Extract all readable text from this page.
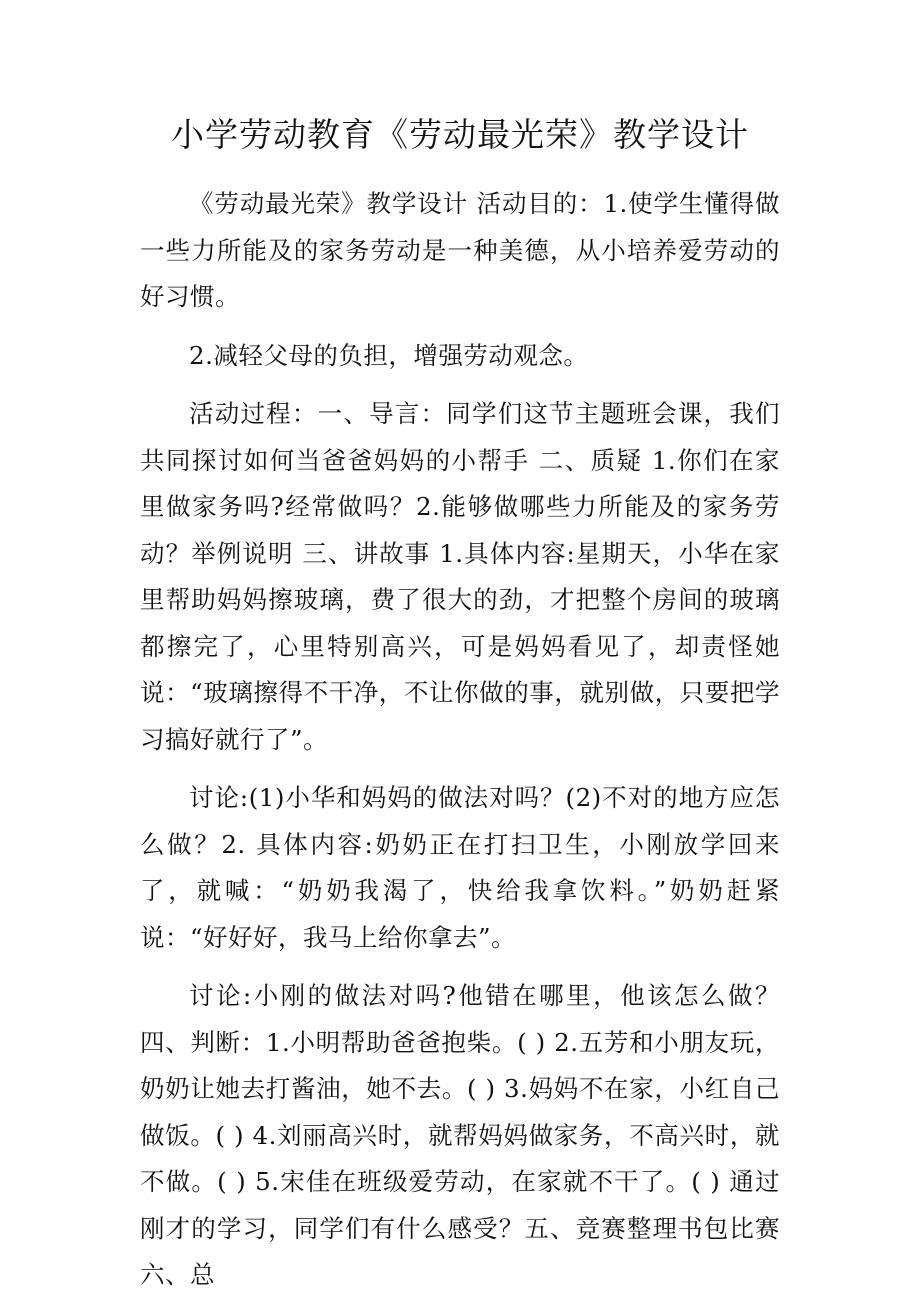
小学劳动教育《劳动最光荣》教学设计

《劳动最光荣》教学设计 活动目的：1.使学生懂得做一些力所能及的家务劳动是一种美德，从小培养爱劳动的好习惯。

2.减轻父母的负担，增强劳动观念。

活动过程：一、导言：同学们这节主题班会课，我们共同探讨如何当爸爸妈妈的小帮手 二、质疑 1.你们在家里做家务吗?经常做吗？2.能够做哪些力所能及的家务劳动？举例说明 三、讲故事 1.具体内容:星期天，小华在家里帮助妈妈擦玻璃，费了很大的劲，才把整个房间的玻璃都擦完了，心里特别高兴，可是妈妈看见了，却责怪她说：“玻璃擦得不干净，不让你做的事，就别做，只要把学习搞好就行了”。

讨论:(1)小华和妈妈的做法对吗？(2)不对的地方应怎么做？2. 具体内容:奶奶正在打扫卫生，小刚放学回来了，就喊：“奶奶我渴了，快给我拿饮料。”奶奶赶紧说：“好好好，我马上给你拿去”。

讨论:小刚的做法对吗?他错在哪里，他该怎么做？四、判断：1.小明帮助爸爸抱柴。( ) 2.五芳和小朋友玩，奶奶让她去打酱油，她不去。( ) 3.妈妈不在家，小红自己做饭。( ) 4.刘丽高兴时，就帮妈妈做家务，不高兴时，就不做。( ) 5.宋佳在班级爱劳动，在家就不干了。( ) 通过刚才的学习，同学们有什么感受？五、竞赛整理书包比赛 六、总
